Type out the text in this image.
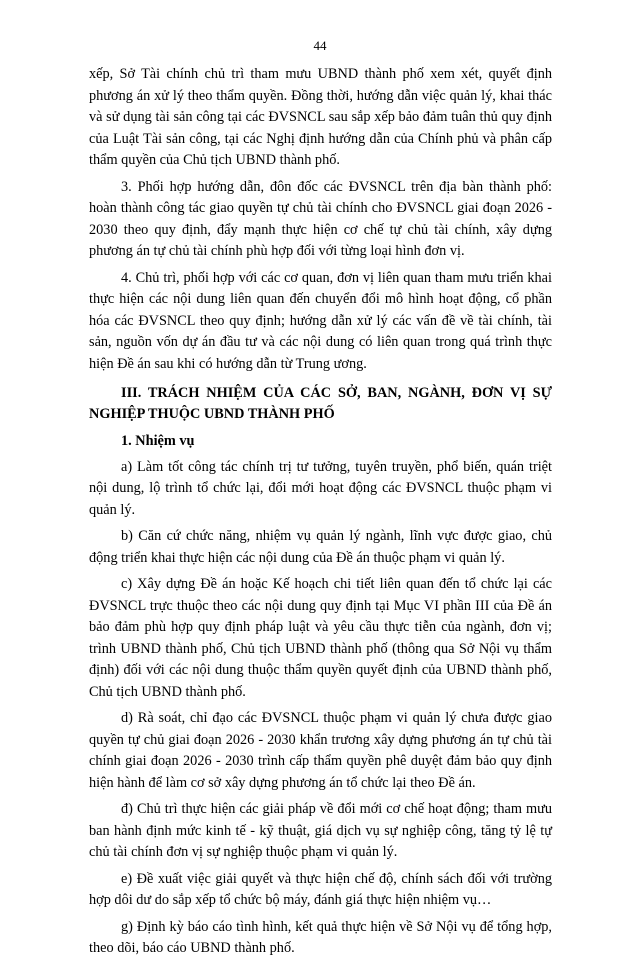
44

xếp, Sở Tài chính chủ trì tham mưu UBND thành phố xem xét, quyết định phương án xử lý theo thẩm quyền. Đồng thời, hướng dẫn việc quản lý, khai thác và sử dụng tài sản công tại các ĐVSNCL sau sắp xếp bảo đảm tuân thủ quy định của Luật Tài sản công, tại các Nghị định hướng dẫn của Chính phủ và phân cấp thẩm quyền của Chủ tịch UBND thành phố.

3. Phối hợp hướng dẫn, đôn đốc các ĐVSNCL trên địa bàn thành phố: hoàn thành công tác giao quyền tự chủ tài chính cho ĐVSNCL giai đoạn 2026 - 2030 theo quy định, đẩy mạnh thực hiện cơ chế tự chủ tài chính, xây dựng phương án tự chủ tài chính phù hợp đối với từng loại hình đơn vị.

4. Chủ trì, phối hợp với các cơ quan, đơn vị liên quan tham mưu triển khai thực hiện các nội dung liên quan đến chuyển đổi mô hình hoạt động, cổ phần hóa các ĐVSNCL theo quy định; hướng dẫn xử lý các vấn đề về tài chính, tài sản, nguồn vốn dự án đầu tư và các nội dung có liên quan trong quá trình thực hiện Đề án sau khi có hướng dẫn từ Trung ương.

III. TRÁCH NHIỆM CỦA CÁC SỞ, BAN, NGÀNH, ĐƠN VỊ SỰ NGHIỆP THUỘC UBND THÀNH PHỐ

1. Nhiệm vụ

a) Làm tốt công tác chính trị tư tưởng, tuyên truyền, phổ biến, quán triệt nội dung, lộ trình tổ chức lại, đổi mới hoạt động các ĐVSNCL thuộc phạm vi quản lý.

b) Căn cứ chức năng, nhiệm vụ quản lý ngành, lĩnh vực được giao, chủ động triển khai thực hiện các nội dung của Đề án thuộc phạm vi quản lý.

c) Xây dựng Đề án hoặc Kế hoạch chi tiết liên quan đến tổ chức lại các ĐVSNCL trực thuộc theo các nội dung quy định tại Mục VI phần III của Đề án bảo đảm phù hợp quy định pháp luật và yêu cầu thực tiễn của ngành, đơn vị; trình UBND thành phố, Chủ tịch UBND thành phố (thông qua Sở Nội vụ thẩm định) đối với các nội dung thuộc thẩm quyền quyết định của UBND thành phố, Chủ tịch UBND thành phố.

d) Rà soát, chỉ đạo các ĐVSNCL thuộc phạm vi quản lý chưa được giao quyền tự chủ giai đoạn 2026 - 2030 khẩn trương xây dựng phương án tự chủ tài chính giai đoạn 2026 - 2030 trình cấp thẩm quyền phê duyệt đảm bảo quy định hiện hành để làm cơ sở xây dựng phương án tổ chức lại theo Đề án.

đ) Chủ trì thực hiện các giải pháp về đổi mới cơ chế hoạt động; tham mưu ban hành định mức kinh tế - kỹ thuật, giá dịch vụ sự nghiệp công, tăng tỷ lệ tự chủ tài chính đơn vị sự nghiệp thuộc phạm vi quản lý.

e) Đề xuất việc giải quyết và thực hiện chế độ, chính sách đối với trường hợp dôi dư do sắp xếp tổ chức bộ máy, đánh giá thực hiện nhiệm vụ…

g) Định kỳ báo cáo tình hình, kết quả thực hiện về Sở Nội vụ để tổng hợp, theo dõi, báo cáo UBND thành phố.
